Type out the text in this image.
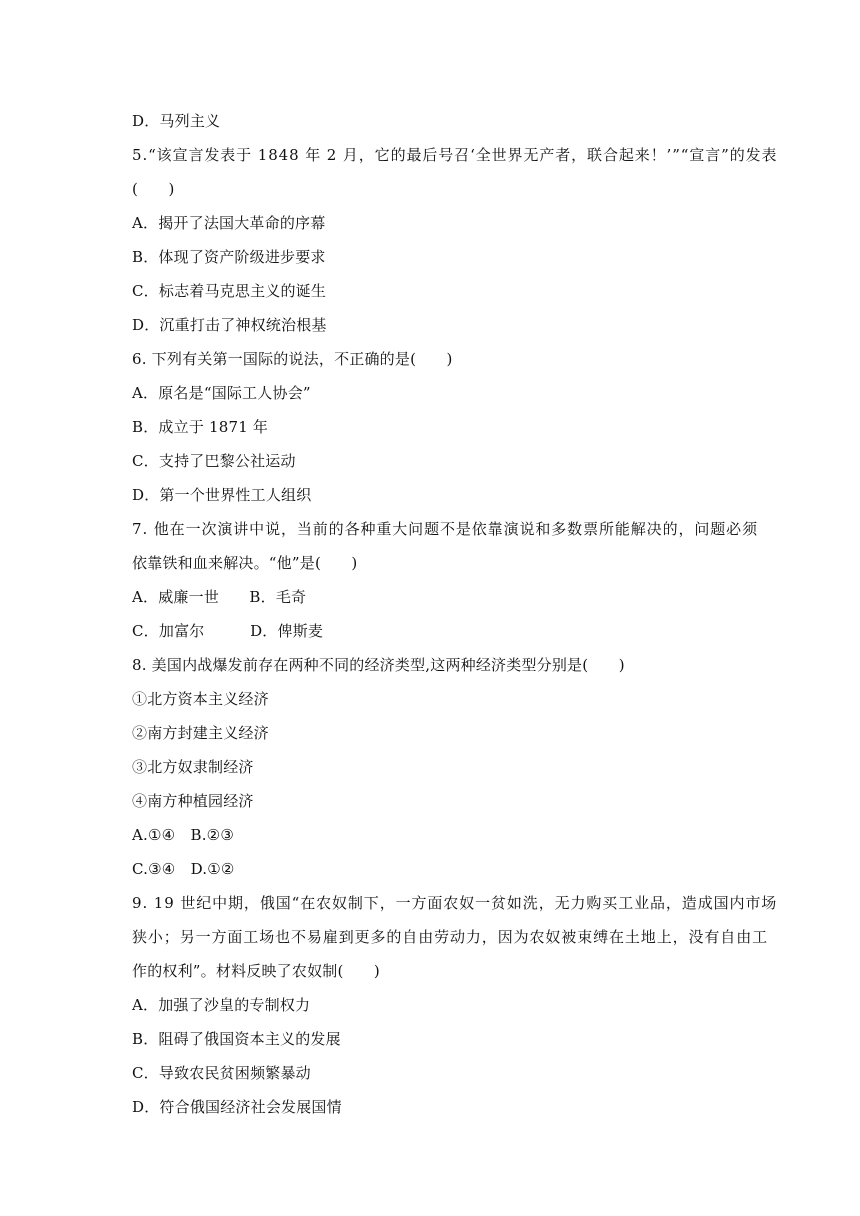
D．马列主义
5.“该宣言发表于 1848 年 2 月，它的最后号召‘全世界无产者，联合起来！’”“宣言”的发表
(　　)
A．揭开了法国大革命的序幕
B．体现了资产阶级进步要求
C．标志着马克思主义的诞生
D．沉重打击了神权统治根基
6. 下列有关第一国际的说法，不正确的是(　　)
A．原名是“国际工人协会”
B．成立于 1871 年
C．支持了巴黎公社运动
D．第一个世界性工人组织
7. 他在一次演讲中说，当前的各种重大问题不是依靠演说和多数票所能解决的，问题必须
依靠铁和血来解决。“他”是(　　)
A．威廉一世　　B．毛奇
C．加富尔　　　D．俾斯麦
8. 美国内战爆发前存在两种不同的经济类型,这两种经济类型分别是(　　)
①北方资本主义经济
②南方封建主义经济
③北方奴隶制经济
④南方种植园经济
A.①④　B.②③
C.③④　D.①②
9. 19 世纪中期，俄国“在农奴制下，一方面农奴一贫如洗，无力购买工业品，造成国内市场
狭小；另一方面工场也不易雇到更多的自由劳动力，因为农奴被束缚在土地上，没有自由工
作的权利”。材料反映了农奴制(　　)
A．加强了沙皇的专制权力
B．阻碍了俄国资本主义的发展
C．导致农民贫困频繁暴动
D．符合俄国经济社会发展国情
